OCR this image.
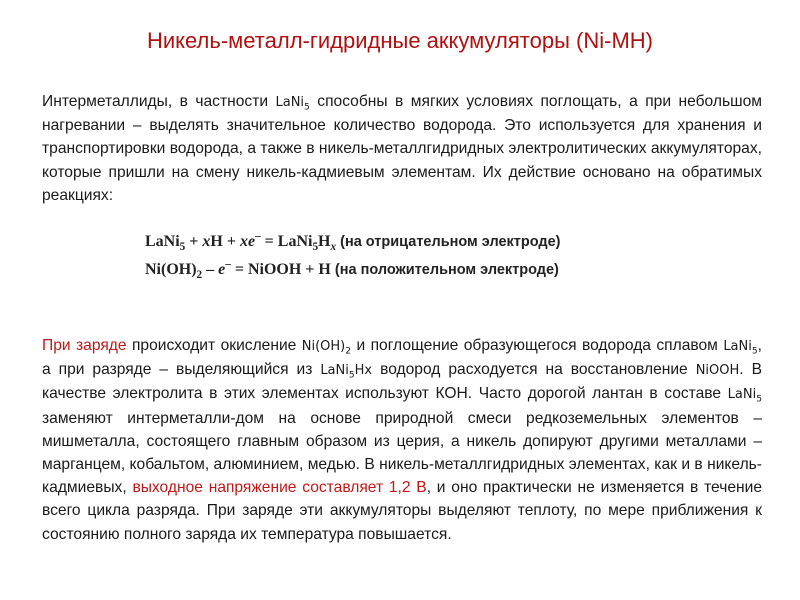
Никель-металл-гидридные аккумуляторы (Ni-MH)

Интерметаллиды, в частности LaNi$_5$ способны в мягких условиях поглощать, а при небольшом нагревании – выделять значительное количество водорода. Это используется для хранения и транспортировки водорода, а также в никель-металлгидридных электролитических аккумуляторах, которые пришли на смену никель-кадмиевым элементам. Их действие основано на обратимых реакциях:

LaNi$_5$ + xH + $xe^- = LaNi_5H_x$ (на отрицательном электроде)
$Ni(OH)_2 - e^-$ = NiOOH + H (на положительном электроде)

При заряде происходит окисление $Ni(OH)_2$ и поглощение образующегося водорода сплавом LaNi$_5$, а при разряде – выделяющийся из LaNi$_5$Hx водород расходуется на восстановление NiOOH. В качестве электролита в этих элементах используют КОН. Часто дорогой лантан в составе LaNi$_5$ заменяют интерметалли-дом на основе природной смеси редкоземельных элементов – мишметалла, состоящего главным образом из церия, а никель допируют другими металлами – марганцем, кобальтом, алюминием, медью. В никель-металлгидридных элементах, как и в никель-кадмиевых, выходное напряжение составляет 1,2 В, и оно практически не изменяется в течение всего цикла разряда. При заряде эти аккумуляторы выделяют теплоту, по мере приближения к состоянию полного заряда их температура повышается.
